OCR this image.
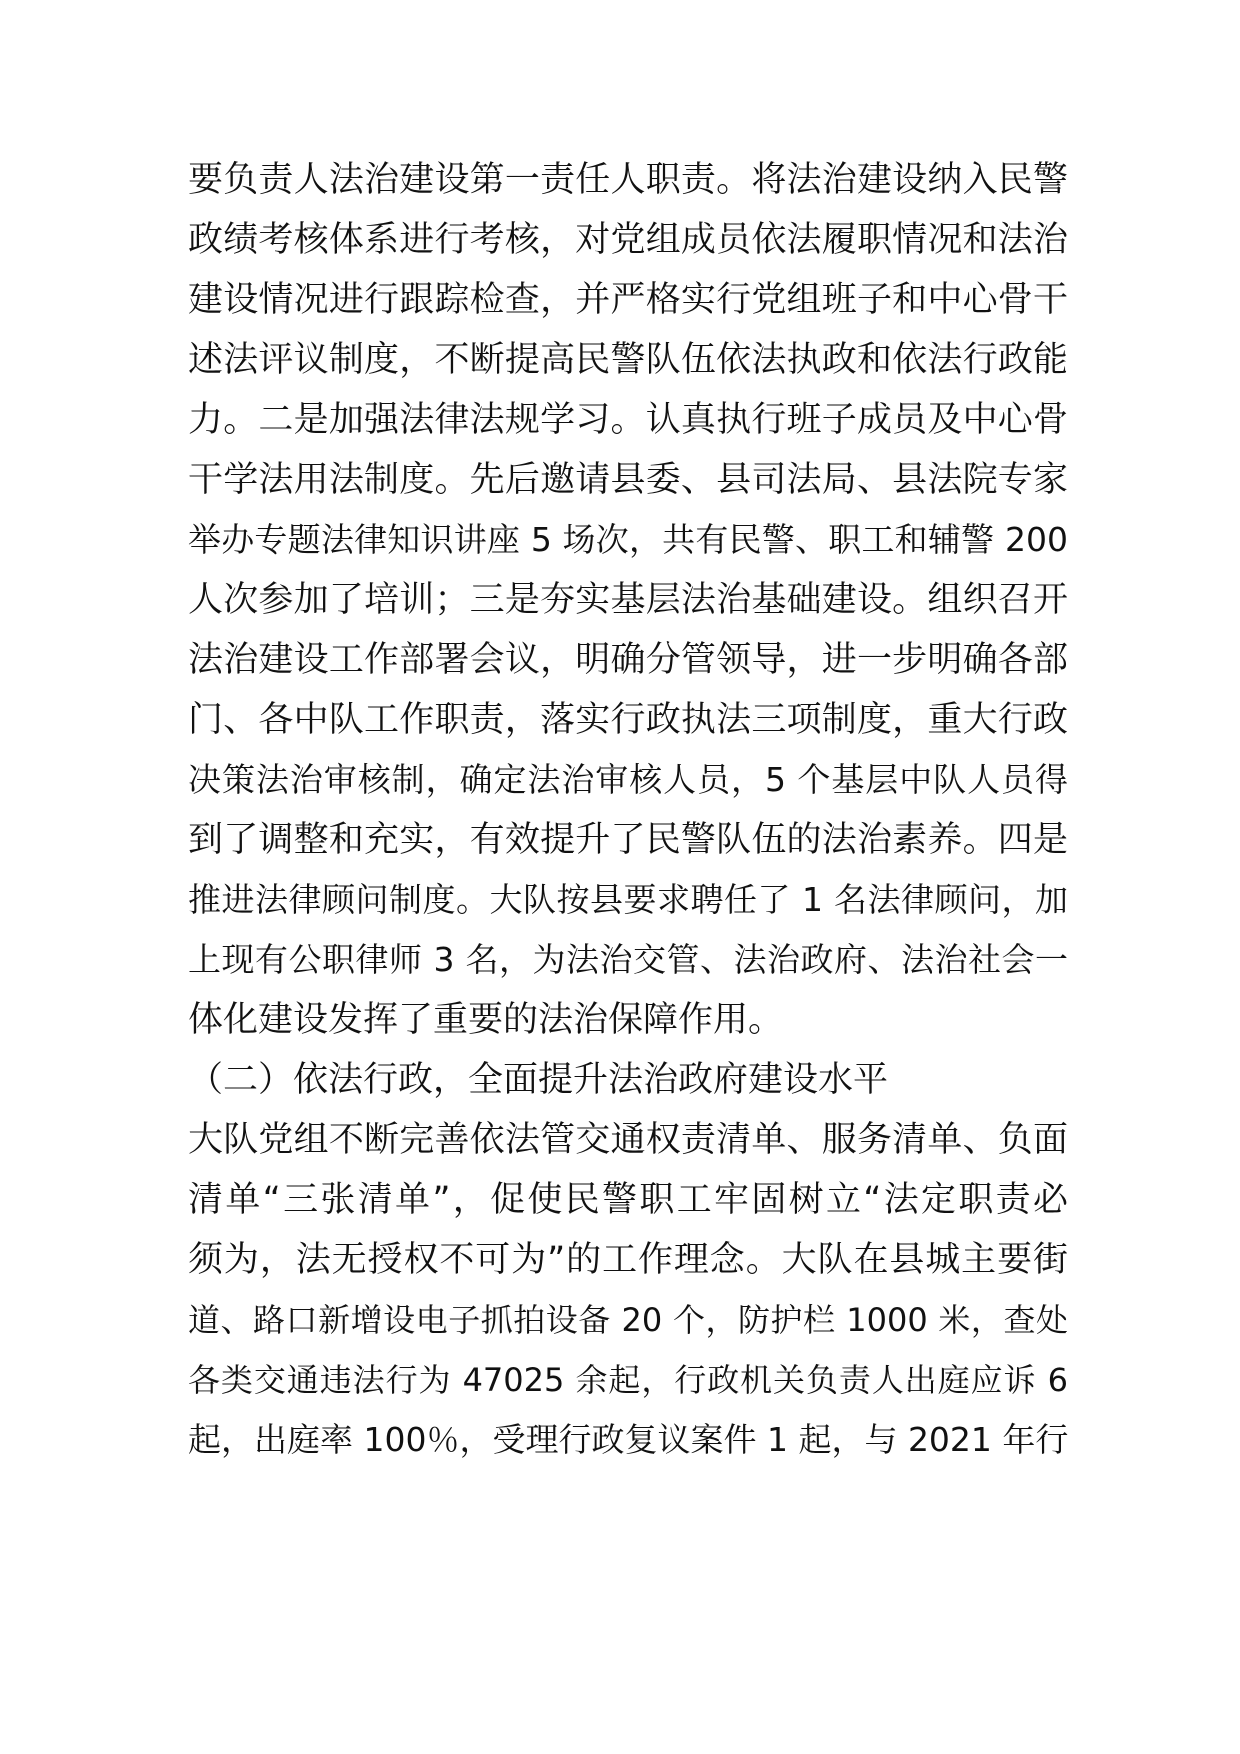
要负责人法治建设第一责任人职责。将法治建设纳入民警
政绩考核体系进行考核，对党组成员依法履职情况和法治
建设情况进行跟踪检查，并严格实行党组班子和中心骨干
述法评议制度，不断提高民警队伍依法执政和依法行政能
力。二是加强法律法规学习。认真执行班子成员及中心骨
干学法用法制度。先后邀请县委、县司法局、县法院专家
举办专题法律知识讲座 5 场次，共有民警、职工和辅警 200
人次参加了培训；三是夯实基层法治基础建设。组织召开
法治建设工作部署会议，明确分管领导，进一步明确各部
门、各中队工作职责，落实行政执法三项制度，重大行政
决策法治审核制，确定法治审核人员，5 个基层中队人员得
到了调整和充实，有效提升了民警队伍的法治素养。四是
推进法律顾问制度。大队按县要求聘任了 1 名法律顾问，加
上现有公职律师 3 名，为法治交管、法治政府、法治社会一
体化建设发挥了重要的法治保障作用。
（二）依法行政，全面提升法治政府建设水平
大队党组不断完善依法管交通权责清单、服务清单、负面
清单“三张清单”，促使民警职工牢固树立“法定职责必
须为，法无授权不可为”的工作理念。大队在县城主要街
道、路口新增设电子抓拍设备 20 个，防护栏 1000 米，查处
各类交通违法行为 47025 余起，行政机关负责人出庭应诉 6
起，出庭率 100％，受理行政复议案件 1 起，与 2021 年行
